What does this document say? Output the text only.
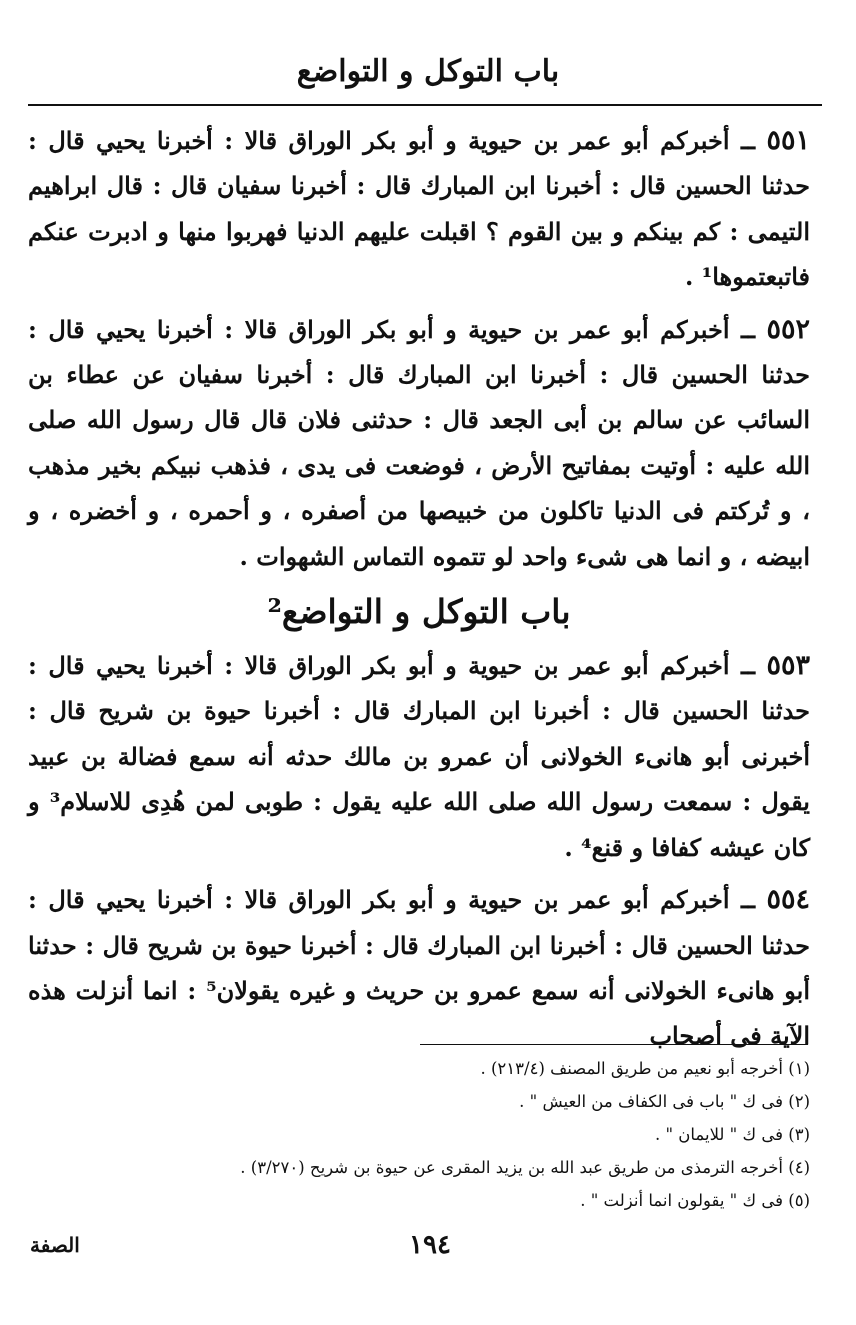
باب التوكل و التواضع

٥٥١ ــ أخبركم أبو عمر بن حيوية و أبو بكر الوراق قالا : أخبرنا يحيي قال : حدثنا الحسين قال : أخبرنا ابن المبارك قال : أخبرنا سفيان قال : قال ابراهيم التيمى : كم بينكم و بين القوم ؟ اقبلت عليهم الدنيا فهربوا منها و ادبرت عنكم فاتبعتموها¹ .

٥٥٢ ــ أخبركم أبو عمر بن حيوية و أبو بكر الوراق قالا : أخبرنا يحيي قال : حدثنا الحسين قال : أخبرنا ابن المبارك قال : أخبرنا سفيان عن عطاء بن السائب عن سالم بن أبى الجعد قال : حدثنى فلان قال قال رسول الله صلى الله عليه : أوتيت بمفاتيح الأرض ، فوضعت فى يدى ، فذهب نبيكم بخير مذهب ، و تُركتم فى الدنيا تاكلون من خبيصها من أصفره ، و أحمره ، و أخضره ، و ابيضه ، و انما هى شىء واحد لو تتموه التماس الشهوات .

باب التوكل و التواضع²

٥٥٣ ــ أخبركم أبو عمر بن حيوية و أبو بكر الوراق قالا : أخبرنا يحيي قال : حدثنا الحسين قال : أخبرنا ابن المبارك قال : أخبرنا حيوة بن شريح قال : أخبرنى أبو هانىء الخولانى أن عمرو بن مالك حدثه أنه سمع فضالة بن عبيد يقول : سمعت رسول الله صلى الله عليه يقول : طوبى لمن هُدِى للاسلام³ و كان عيشه كفافا و قنع⁴ .

٥٥٤ ــ أخبركم أبو عمر بن حيوية و أبو بكر الوراق قالا : أخبرنا يحيي قال : حدثنا الحسين قال : أخبرنا ابن المبارك قال : أخبرنا حيوة بن شريح قال : حدثنا أبو هانىء الخولانى أنه سمع عمرو بن حريث و غيره يقولان⁵ : انما أنزلت هذه الآية فى أصحاب

(١) أخرجه أبو نعيم من طريق المصنف (٢١٣/٤) .
(٢) فى ك " باب فى الكفاف من العيش " .
(٣) فى ك " للايمان " .
(٤) أخرجه الترمذى من طريق عبد الله بن يزيد المقرى عن حيوة بن شريح (٣/٢٧٠) .
(٥) فى ك " يقولون انما أنزلت " .
١٩٤
الصفة
